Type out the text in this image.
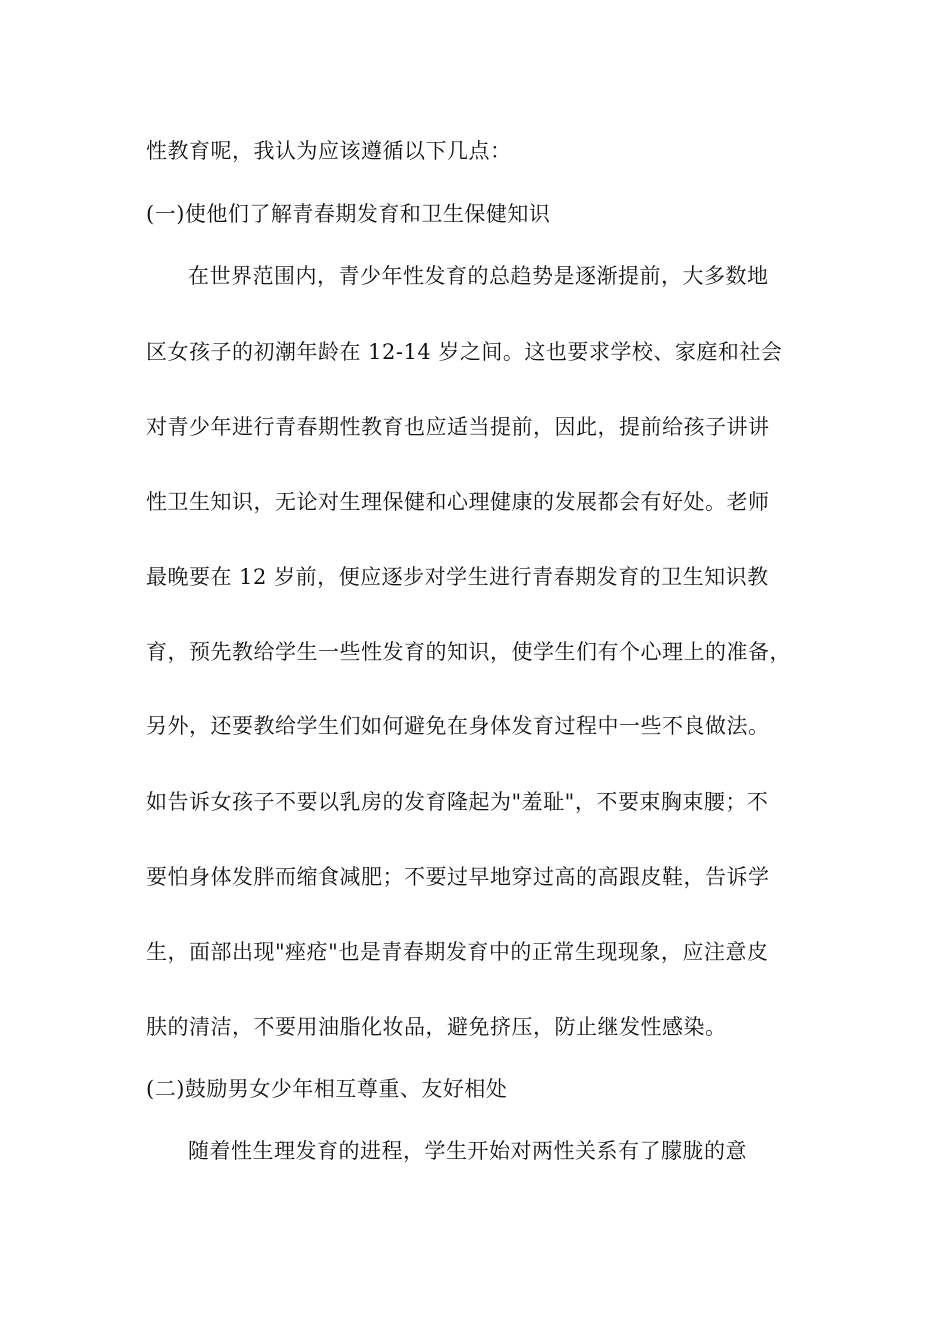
性教育呢，我认为应该遵循以下几点：
(一)使他们了解青春期发育和卫生保健知识
在世界范围内，青少年性发育的总趋势是逐渐提前，大多数地
区女孩子的初潮年龄在 12-14 岁之间。这也要求学校、家庭和社会
对青少年进行青春期性教育也应适当提前，因此，提前给孩子讲讲
性卫生知识，无论对生理保健和心理健康的发展都会有好处。老师
最晚要在 12 岁前，便应逐步对学生进行青春期发育的卫生知识教
育，预先教给学生一些性发育的知识，使学生们有个心理上的准备，
另外，还要教给学生们如何避免在身体发育过程中一些不良做法。
如告诉女孩子不要以乳房的发育隆起为"羞耻"，不要束胸束腰；不
要怕身体发胖而缩食减肥；不要过早地穿过高的高跟皮鞋，告诉学
生，面部出现"痤疮"也是青春期发育中的正常生现现象，应注意皮
肤的清洁，不要用油脂化妆品，避免挤压，防止继发性感染。
(二)鼓励男女少年相互尊重、友好相处
随着性生理发育的进程，学生开始对两性关系有了朦胧的意
